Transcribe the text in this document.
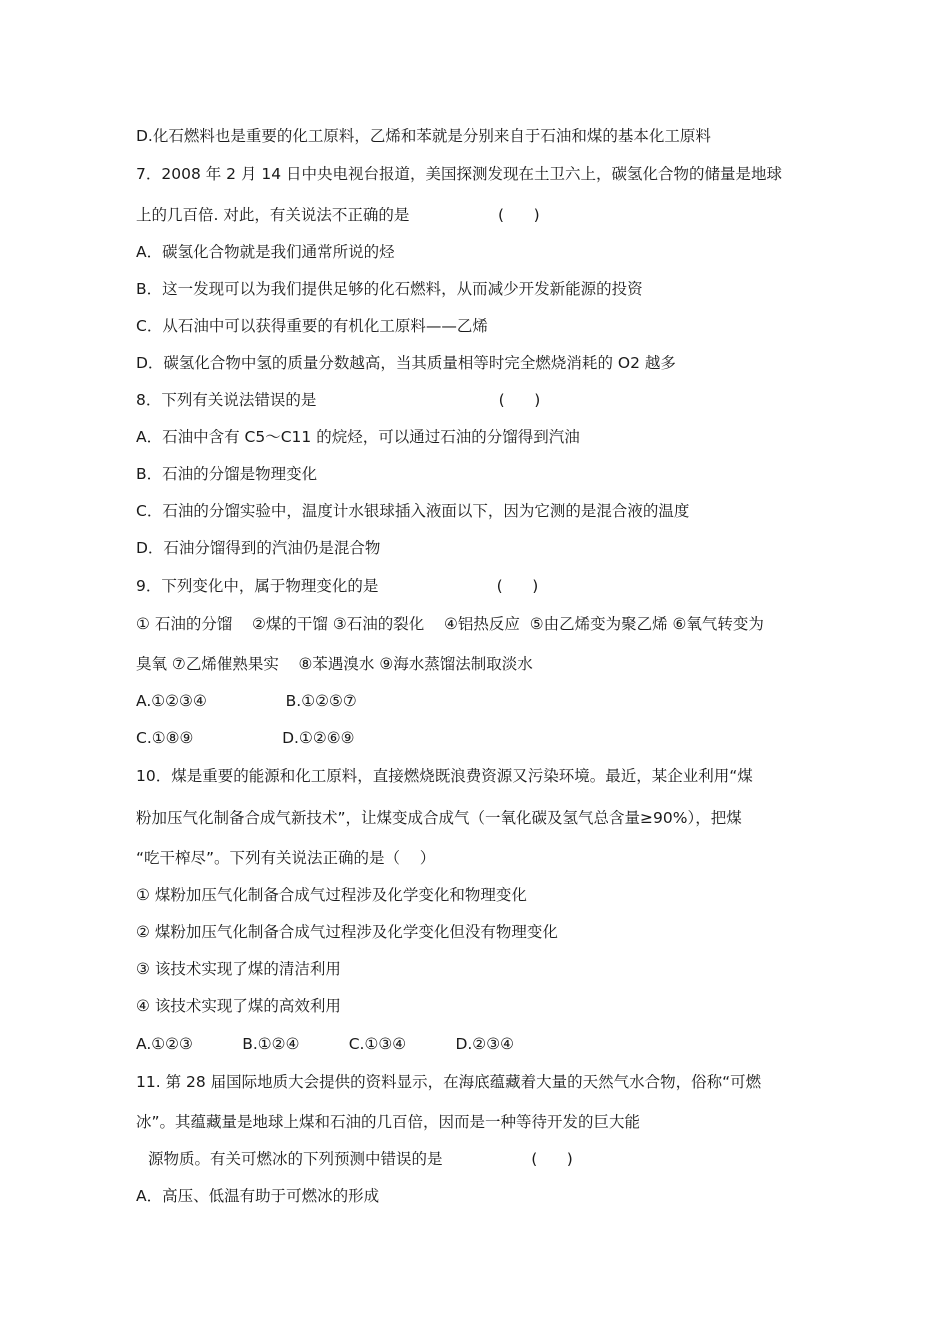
D.化石燃料也是重要的化工原料，乙烯和苯就是分别来自于石油和煤的基本化工原料
7．2008 年 2 月 14 日中央电视台报道，美国探测发现在土卫六上，碳氢化合物的储量是地球
上的几百倍. 对此，有关说法不正确的是                  (      )
A．碳氢化合物就是我们通常所说的烃
B．这一发现可以为我们提供足够的化石燃料，从而减少开发新能源的投资
C．从石油中可以获得重要的有机化工原料——乙烯
D．碳氢化合物中氢的质量分数越高，当其质量相等时完全燃烧消耗的 O2 越多
8．下列有关说法错误的是                                     (      )
A．石油中含有 C5～C11 的烷烃，可以通过石油的分馏得到汽油
B．石油的分馏是物理变化
C．石油的分馏实验中，温度计水银球插入液面以下，因为它测的是混合液的温度
D．石油分馏得到的汽油仍是混合物
9．下列变化中，属于物理变化的是                        (      )
① 石油的分馏    ②煤的干馏 ③石油的裂化    ④铝热反应  ⑤由乙烯变为聚乙烯 ⑥氧气转变为
臭氧 ⑦乙烯催熟果实    ⑧苯遇溴水 ⑨海水蒸馏法制取淡水
A.①②③④                B.①②⑤⑦
C.①⑧⑨                  D.①②⑥⑨
10．煤是重要的能源和化工原料，直接燃烧既浪费资源又污染环境。最近，某企业利用“煤
粉加压气化制备合成气新技术”，让煤变成合成气（一氧化碳及氢气总含量≥90%），把煤
“吃干榨尽”。下列有关说法正确的是（    ）
① 煤粉加压气化制备合成气过程涉及化学变化和物理变化
② 煤粉加压气化制备合成气过程涉及化学变化但没有物理变化
③ 该技术实现了煤的清洁利用
④ 该技术实现了煤的高效利用
A.①②③          B.①②④          C.①③④          D.②③④
11. 第 28 届国际地质大会提供的资料显示，在海底蕴藏着大量的天然气水合物，俗称“可燃
冰”。其蕴藏量是地球上煤和石油的几百倍，因而是一种等待开发的巨大能
源物质。有关可燃冰的下列预测中错误的是                  (      )
A．高压、低温有助于可燃冰的形成
